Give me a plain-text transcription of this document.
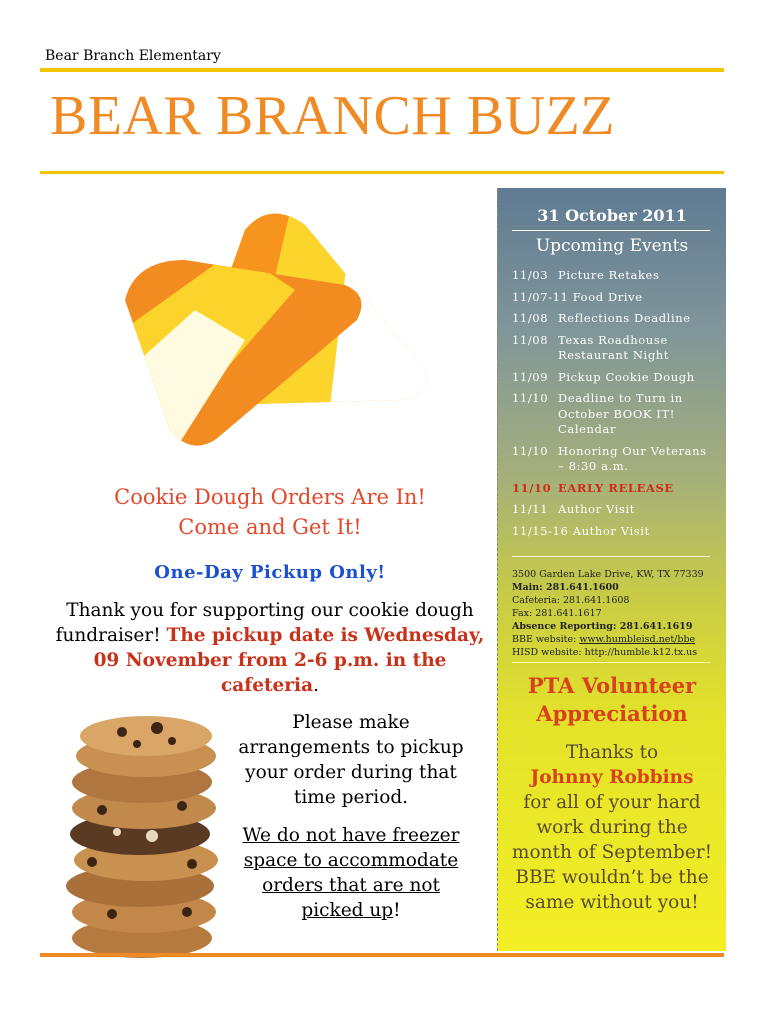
Bear Branch Elementary
BEAR BRANCH BUZZ
Cookie Dough Orders Are In!
Come and Get It!
One-Day Pickup Only!
Thank you for supporting our cookie dough fundraiser! The pickup date is Wednesday, 09 November from 2-6 p.m. in the cafeteria.
Please make arrangements to pickup your order during that time period.
We do not have freezer space to accommodate orders that are not picked up!
31 October 2011
Upcoming Events
11/03 Picture Retakes
11/07-11
Food Drive
11/08 Reflections Deadline
11/08 Texas Roadhouse Restaurant Night
11/09 Pickup Cookie Dough
11/10 Deadline to Turn in October BOOK IT! Calendar
11/10 Honoring Our Veterans – 8:30 a.m.
11/10 EARLY RELEASE
11/11 Author Visit
11/15-16
Author Visit
3500 Garden Lake Drive, KW, TX 77339
Main: 281.641.1600
Cafeteria: 281.641.1608
Fax: 281.641.1617
Absence Reporting: 281.641.1619
BBE website: www.humbleisd.net/bbe
HISD website: http://humble.k12.tx.us
PTA Volunteer Appreciation
Thanks to
Johnny Robbins
for all of your hard work during the month of September! BBE wouldn’t be the same without you!
